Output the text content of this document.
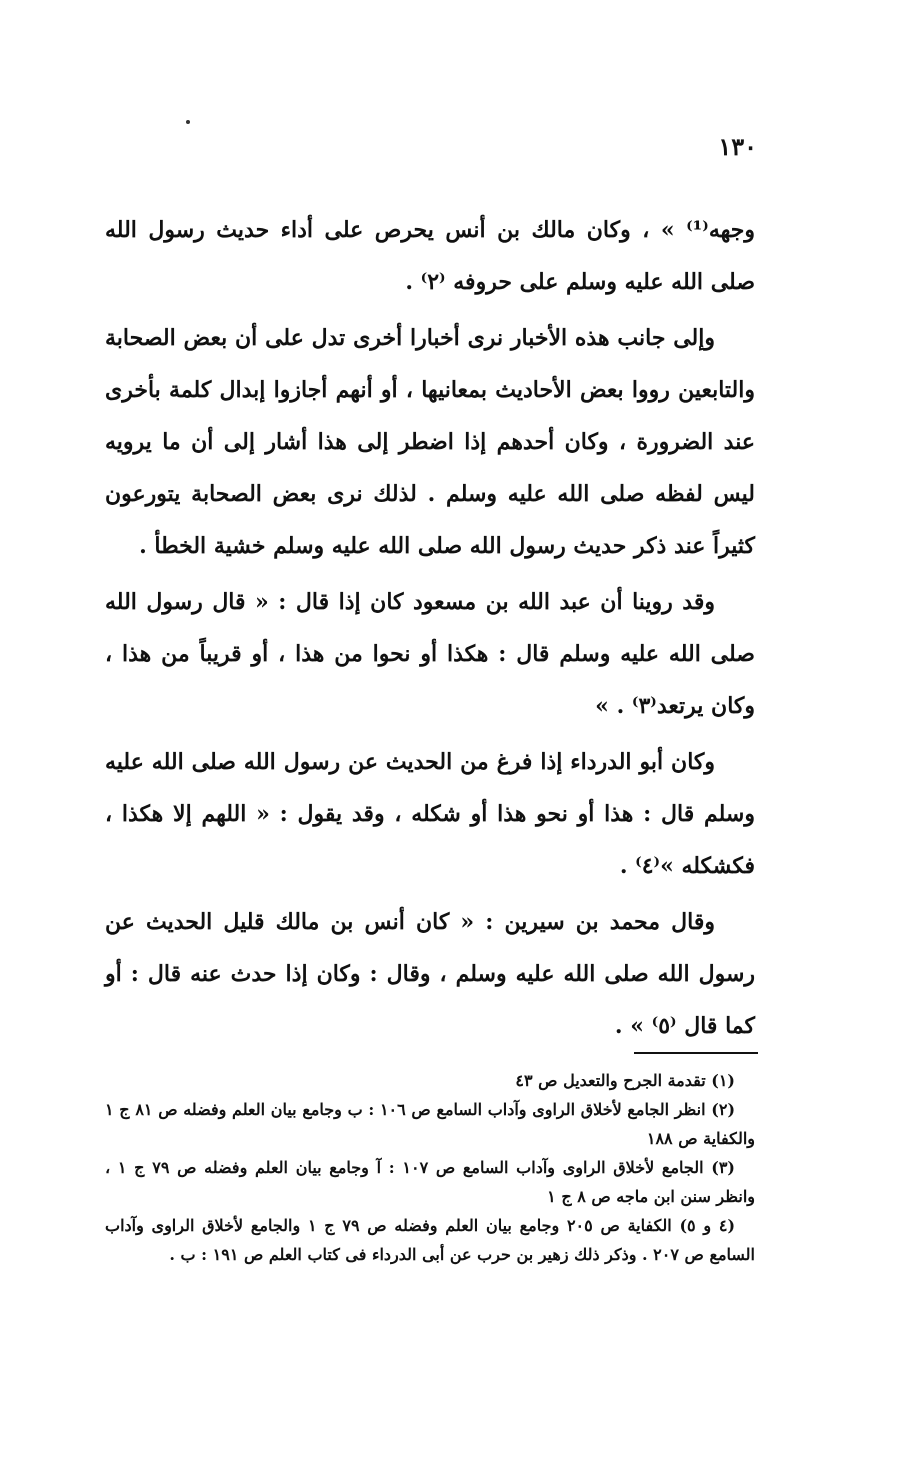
١٣٠

وجهه⁽¹⁾ » ، وكان مالك بن أنس يحرص على أداء حديث رسول الله صلى الله عليه وسلم على حروفه ⁽٢⁾ .

وإلى جانب هذه الأخبار نرى أخبارا أخرى تدل على أن بعض الصحابة والتابعين رووا بعض الأحاديث بمعانيها ، أو أنهم أجازوا إبدال كلمة بأخرى عند الضرورة ، وكان أحدهم إذا اضطر إلى هذا أشار إلى أن ما يرويه ليس لفظه صلى الله عليه وسلم . لذلك نرى بعض الصحابة يتورعون كثيراً عند ذكر حديث رسول الله صلى الله عليه وسلم خشية الخطأ .

وقد روينا أن عبد الله بن مسعود كان إذا قال : « قال رسول الله صلى الله عليه وسلم قال : هكذا أو نحوا من هذا ، أو قريباً من هذا ، وكان يرتعد⁽٣⁾ . »

وكان أبو الدرداء إذا فرغ من الحديث عن رسول الله صلى الله عليه وسلم قال : هذا أو نحو هذا أو شكله ، وقد يقول : « اللهم إلا هكذا ، فكشكله »⁽٤⁾ .

وقال محمد بن سيرين : « كان أنس بن مالك قليل الحديث عن رسول الله صلى الله عليه وسلم ، وقال : وكان إذا حدث عنه قال : أو كما قال ⁽٥⁾ » .

(١) تقدمة الجرح والتعديل ص ٤٣

(٢) انظر الجامع لأخلاق الراوى وآداب السامع ص ١٠٦ : ب وجامع بيان العلم وفضله ص ٨١ ج ١ والكفاية ص ١٨٨

(٣) الجامع لأخلاق الراوى وآداب السامع ص ١٠٧ : آ وجامع بيان العلم وفضله ص ٧٩ ج ١ ، وانظر سنن ابن ماجه ص ٨ ج ١

(٤ و ٥) الكفاية ص ٢٠٥ وجامع بيان العلم وفضله ص ٧٩ ج ١ والجامع لأخلاق الراوى وآداب السامع ص ٢٠٧ . وذكر ذلك زهير بن حرب عن أبى الدرداء فى كتاب العلم ص ١٩١ : ب .
